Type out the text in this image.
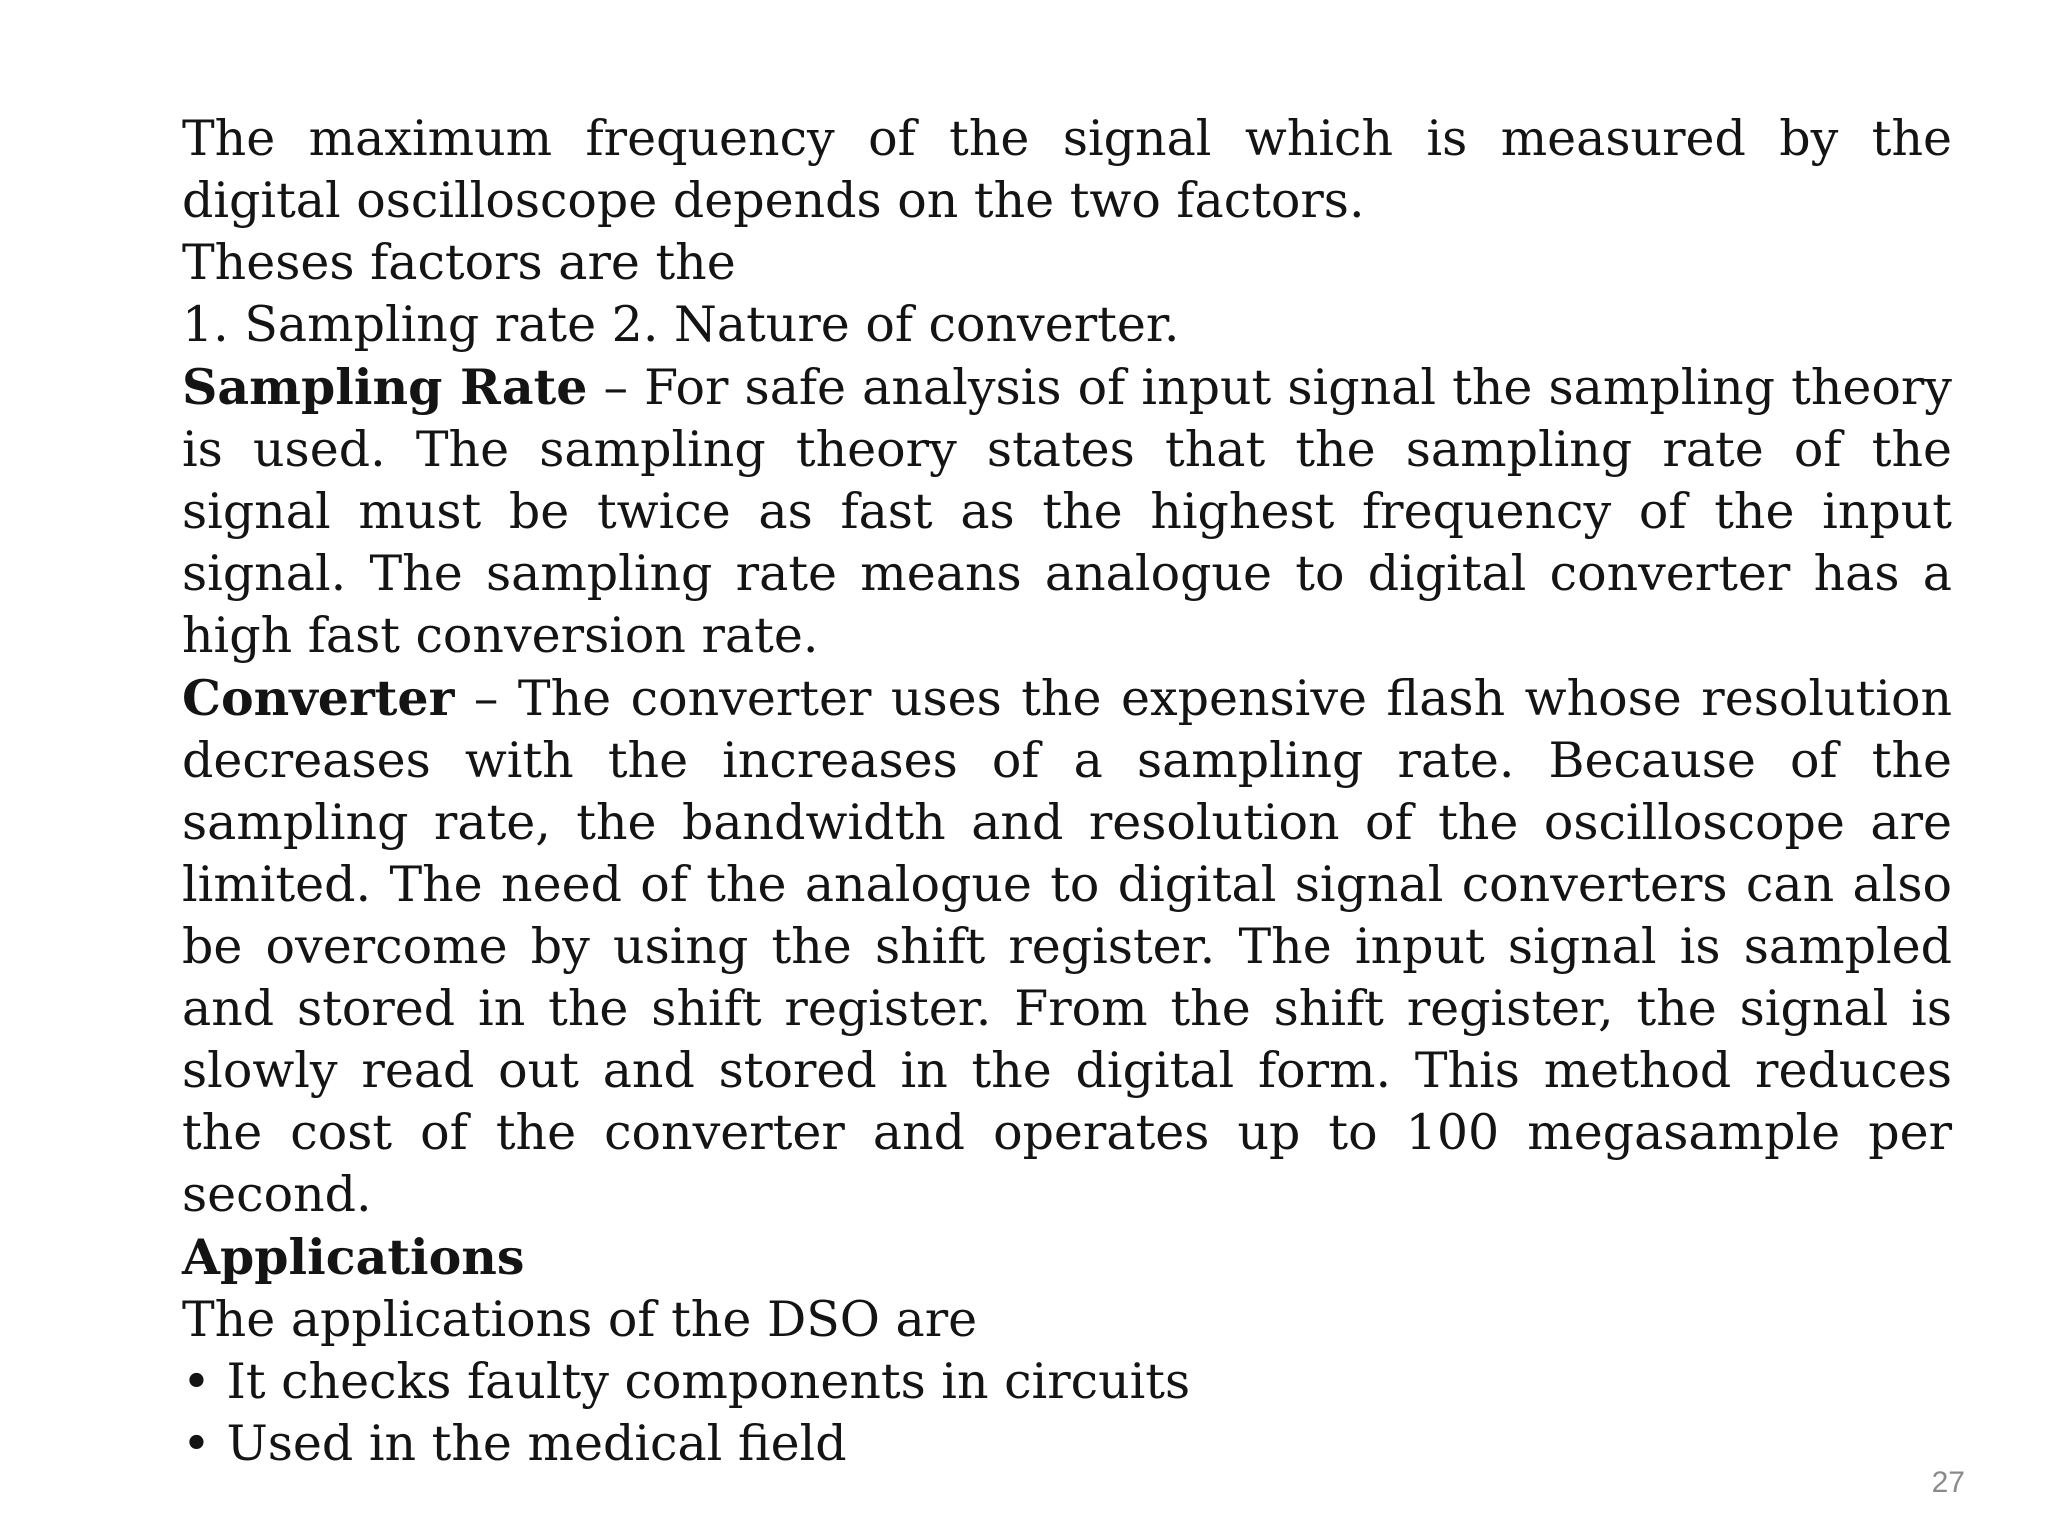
The maximum frequency of the signal which is measured by the

digital oscilloscope depends on the two factors.

Theses factors are the

1. Sampling rate 2. Nature of converter.

Sampling Rate – For safe analysis of input signal the sampling theory is used. The sampling theory states that the sampling rate of the signal must be twice as fast as the highest frequency of the input signal. The sampling rate means analogue to digital converter has a high fast conversion rate.

Converter – The converter uses the expensive flash whose resolution decreases with the increases of a sampling rate. Because of the sampling rate, the bandwidth and resolution of the oscilloscope are limited. The need of the analogue to digital signal converters can also be overcome by using the shift register. The input signal is sampled and stored in the shift register. From the shift register, the signal is slowly read out and stored in the digital form. This method reduces the cost of the converter and operates up to 100 megasample per second.

Applications

The applications of the DSO are

• It checks faulty components in circuits

• Used in the medical field

27
